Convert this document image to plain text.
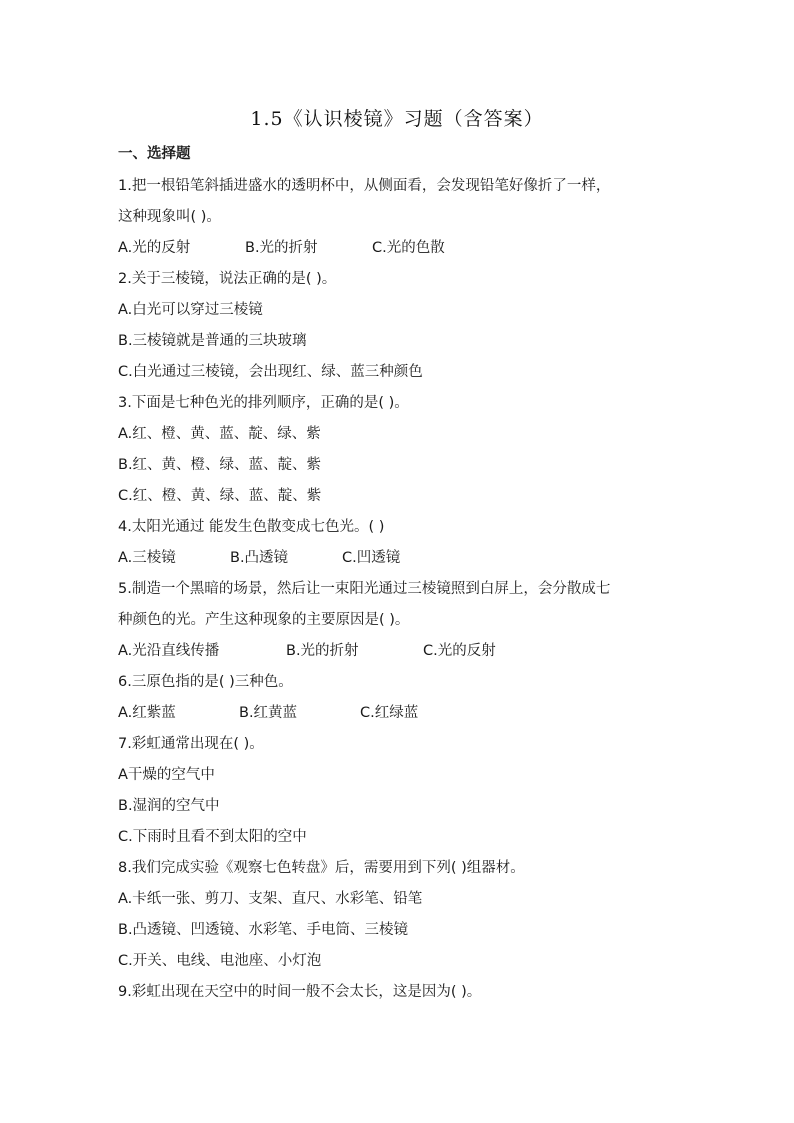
1.5《认识棱镜》习题（含答案）
一、选择题
1.把一根铅笔斜插进盛水的透明杯中，从侧面看，会发现铅笔好像折了一样，
这种现象叫( )。
A.光的反射	B.光的折射	C.光的色散
2.关于三棱镜，说法正确的是( )。
A.白光可以穿过三棱镜
B.三棱镜就是普通的三块玻璃
C.白光通过三棱镜，会出现红、绿、蓝三种颜色
3.下面是七种色光的排列顺序，正确的是( )。
A.红、橙、黄、蓝、靛、绿、紫
B.红、黄、橙、绿、蓝、靛、紫
C.红、橙、黄、绿、蓝、靛、紫
4.太阳光通过 能发生色散变成七色光。( )
A.三棱镜	B.凸透镜	C.凹透镜
5.制造一个黑暗的场景，然后让一束阳光通过三棱镜照到白屏上，会分散成七
种颜色的光。产生这种现象的主要原因是( )。
A.光沿直线传播	B.光的折射	C.光的反射
6.三原色指的是( )三种色。
A.红紫蓝	B.红黄蓝	C.红绿蓝
7.彩虹通常出现在( )。
A干燥的空气中
B.湿润的空气中
C.下雨时且看不到太阳的空中
8.我们完成实验《观察七色转盘》后，需要用到下列( )组器材。
A.卡纸一张、剪刀、支架、直尺、水彩笔、铅笔
B.凸透镜、凹透镜、水彩笔、手电筒、三棱镜
C.开关、电线、电池座、小灯泡
9.彩虹出现在天空中的时间一般不会太长，这是因为( )。
